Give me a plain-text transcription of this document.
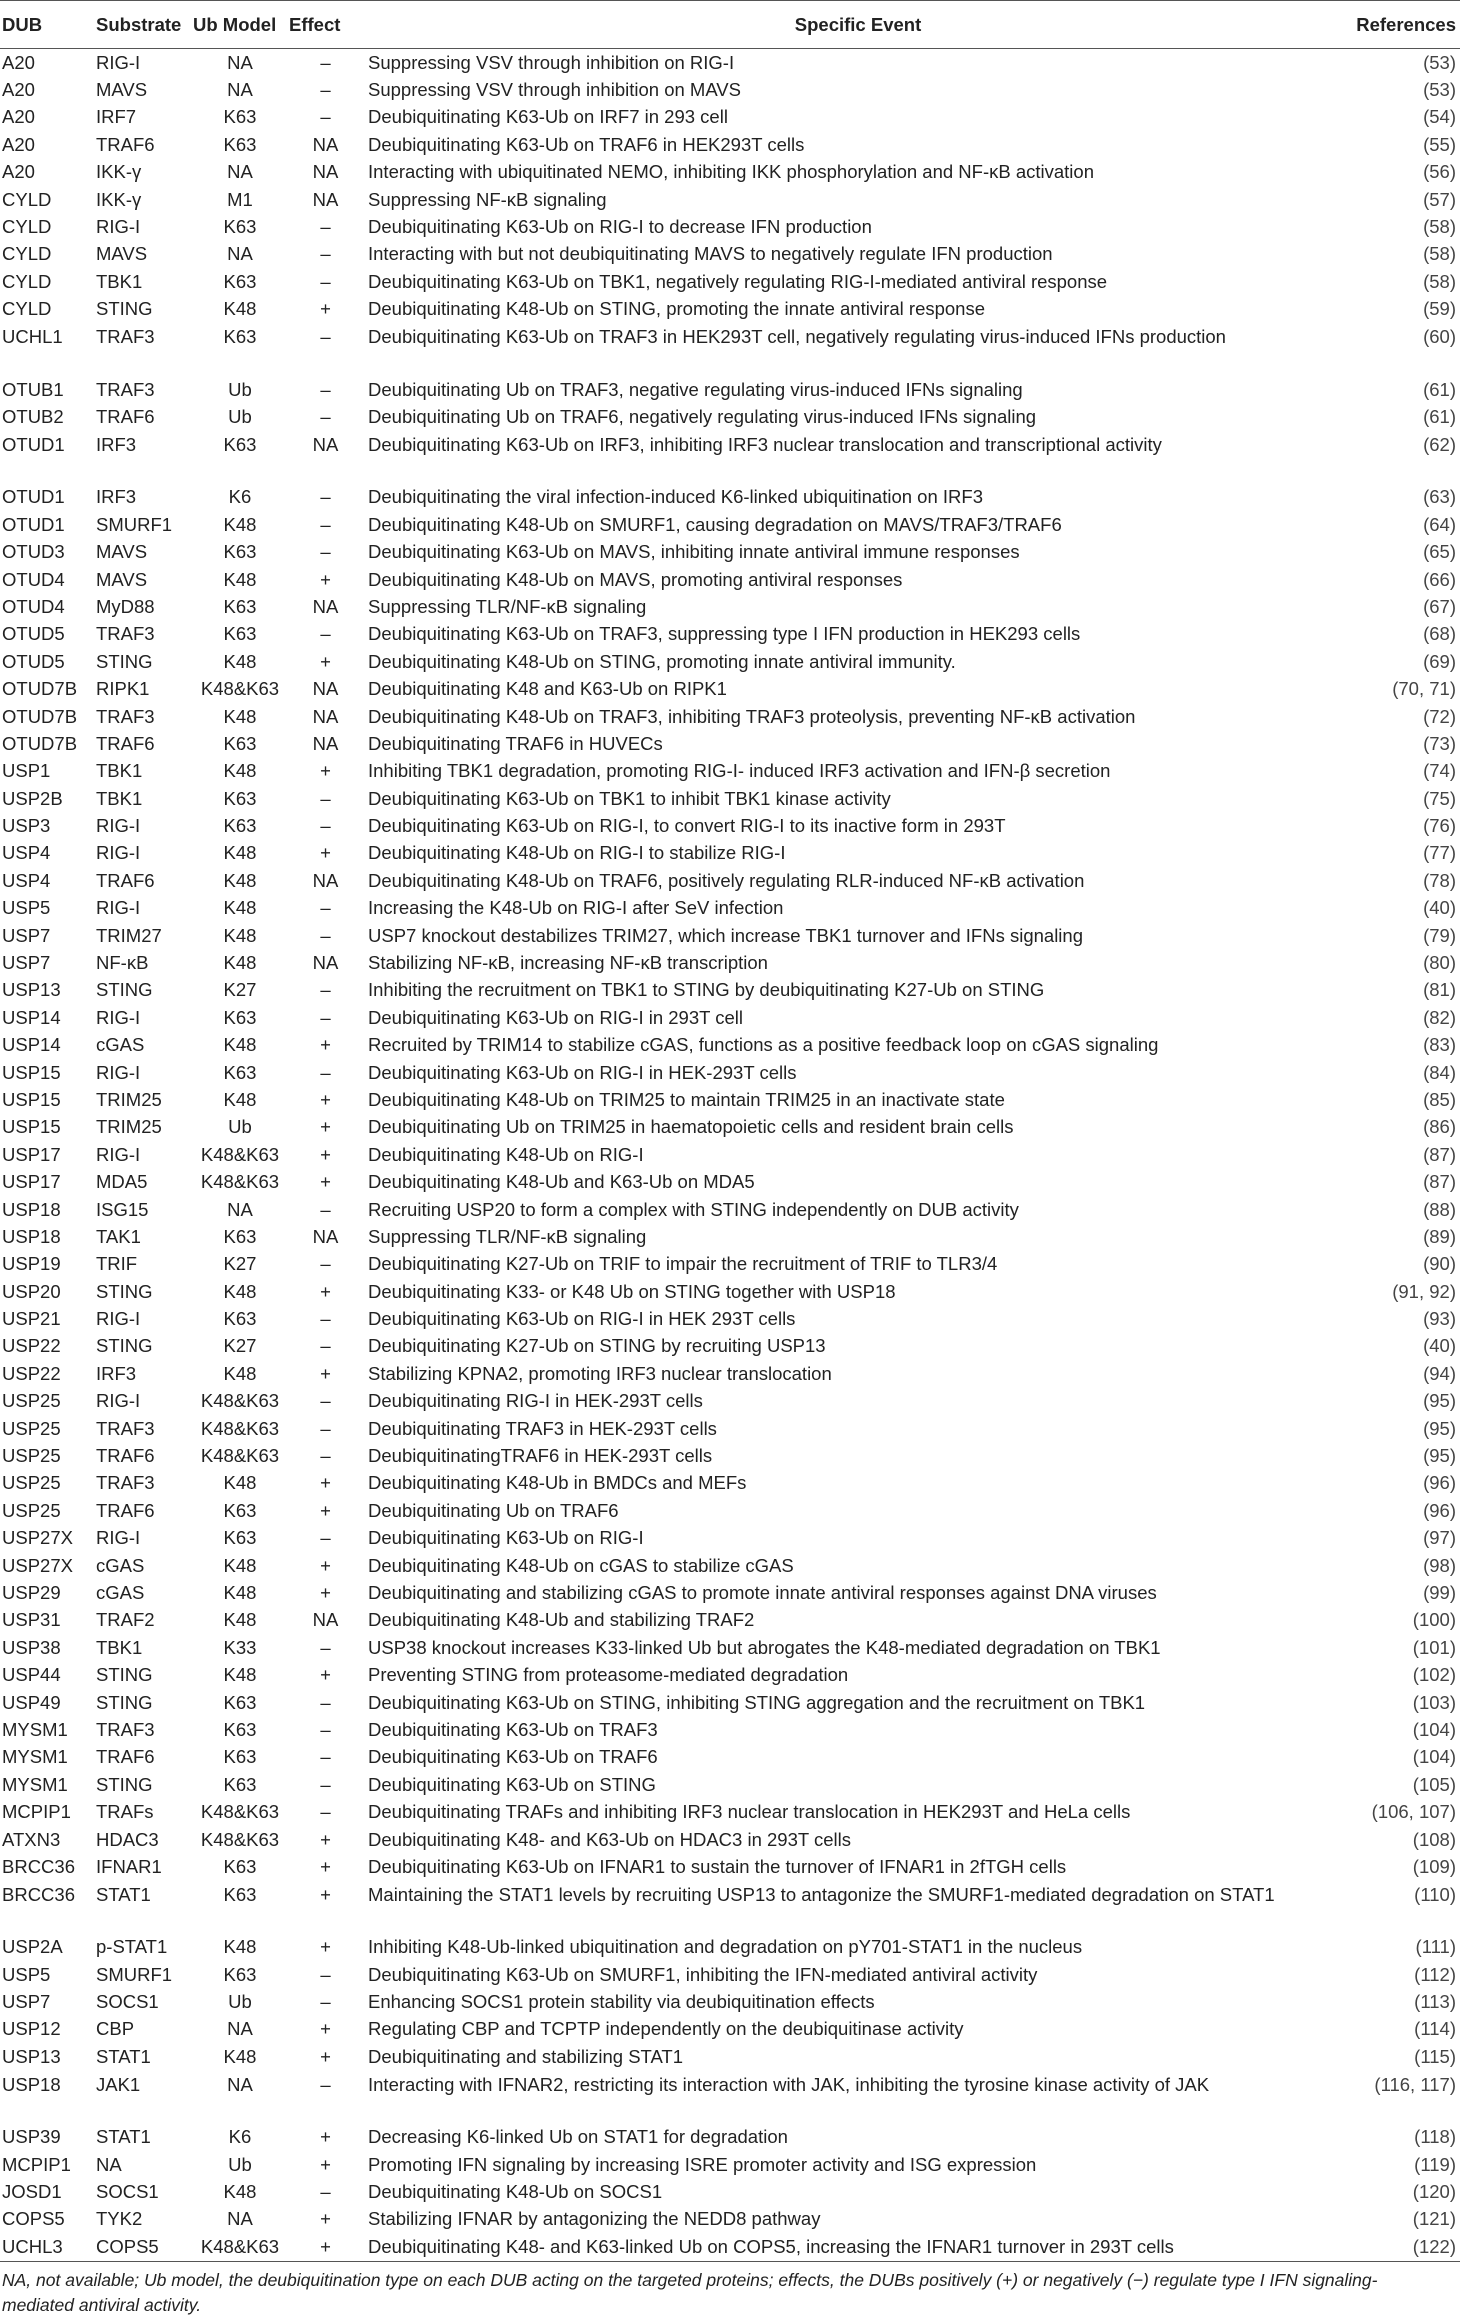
DUB	Substrate	Ub Model	Effect	Specific Event	References
A20	RIG-I	NA	–	Suppressing VSV through inhibition on RIG-I	(53)
A20	MAVS	NA	–	Suppressing VSV through inhibition on MAVS	(53)
A20	IRF7	K63	–	Deubiquitinating K63-Ub on IRF7 in 293 cell	(54)
A20	TRAF6	K63	NA	Deubiquitinating K63-Ub on TRAF6 in HEK293T cells	(55)
A20	IKK-γ	NA	NA	Interacting with ubiquitinated NEMO, inhibiting IKK phosphorylation and NF-κB activation	(56)
CYLD	IKK-γ	M1	NA	Suppressing NF-κB signaling	(57)
CYLD	RIG-I	K63	–	Deubiquitinating K63-Ub on RIG-I to decrease IFN production	(58)
CYLD	MAVS	NA	–	Interacting with but not deubiquitinating MAVS to negatively regulate IFN production	(58)
CYLD	TBK1	K63	–	Deubiquitinating K63-Ub on TBK1, negatively regulating RIG-I-mediated antiviral response	(58)
CYLD	STING	K48	+	Deubiquitinating K48-Ub on STING, promoting the innate antiviral response	(59)
UCHL1	TRAF3	K63	–	Deubiquitinating K63-Ub on TRAF3 in HEK293T cell, negatively regulating virus-induced IFNs production	(60)
OTUB1	TRAF3	Ub	–	Deubiquitinating Ub on TRAF3, negative regulating virus-induced IFNs signaling	(61)
OTUB2	TRAF6	Ub	–	Deubiquitinating Ub on TRAF6, negatively regulating virus-induced IFNs signaling	(61)
OTUD1	IRF3	K63	NA	Deubiquitinating K63-Ub on IRF3, inhibiting IRF3 nuclear translocation and transcriptional activity	(62)
OTUD1	IRF3	K6	–	Deubiquitinating the viral infection-induced K6-linked ubiquitination on IRF3	(63)
OTUD1	SMURF1	K48	–	Deubiquitinating K48-Ub on SMURF1, causing degradation on MAVS/TRAF3/TRAF6	(64)
OTUD3	MAVS	K63	–	Deubiquitinating K63-Ub on MAVS, inhibiting innate antiviral immune responses	(65)
OTUD4	MAVS	K48	+	Deubiquitinating K48-Ub on MAVS, promoting antiviral responses	(66)
OTUD4	MyD88	K63	NA	Suppressing TLR/NF-κB signaling	(67)
OTUD5	TRAF3	K63	–	Deubiquitinating K63-Ub on TRAF3, suppressing type I IFN production in HEK293 cells	(68)
OTUD5	STING	K48	+	Deubiquitinating K48-Ub on STING, promoting innate antiviral immunity.	(69)
OTUD7B	RIPK1	K48&K63	NA	Deubiquitinating K48 and K63-Ub on RIPK1	(70, 71)
OTUD7B	TRAF3	K48	NA	Deubiquitinating K48-Ub on TRAF3, inhibiting TRAF3 proteolysis, preventing NF-κB activation	(72)
OTUD7B	TRAF6	K63	NA	Deubiquitinating TRAF6 in HUVECs	(73)
USP1	TBK1	K48	+	Inhibiting TBK1 degradation, promoting RIG-I- induced IRF3 activation and IFN-β secretion	(74)
USP2B	TBK1	K63	–	Deubiquitinating K63-Ub on TBK1 to inhibit TBK1 kinase activity	(75)
USP3	RIG-I	K63	–	Deubiquitinating K63-Ub on RIG-I, to convert RIG-I to its inactive form in 293T	(76)
USP4	RIG-I	K48	+	Deubiquitinating K48-Ub on RIG-I to stabilize RIG-I	(77)
USP4	TRAF6	K48	NA	Deubiquitinating K48-Ub on TRAF6, positively regulating RLR-induced NF-κB activation	(78)
USP5	RIG-I	K48	–	Increasing the K48-Ub on RIG-I after SeV infection	(40)
USP7	TRIM27	K48	–	USP7 knockout destabilizes TRIM27, which increase TBK1 turnover and IFNs signaling	(79)
USP7	NF-κB	K48	NA	Stabilizing NF-κB, increasing NF-κB transcription	(80)
USP13	STING	K27	–	Inhibiting the recruitment on TBK1 to STING by deubiquitinating K27-Ub on STING	(81)
USP14	RIG-I	K63	–	Deubiquitinating K63-Ub on RIG-I in 293T cell	(82)
USP14	cGAS	K48	+	Recruited by TRIM14 to stabilize cGAS, functions as a positive feedback loop on cGAS signaling	(83)
USP15	RIG-I	K63	–	Deubiquitinating K63-Ub on RIG-I in HEK-293T cells	(84)
USP15	TRIM25	K48	+	Deubiquitinating K48-Ub on TRIM25 to maintain TRIM25 in an inactivate state	(85)
USP15	TRIM25	Ub	+	Deubiquitinating Ub on TRIM25 in haematopoietic cells and resident brain cells	(86)
USP17	RIG-I	K48&K63	+	Deubiquitinating K48-Ub on RIG-I	(87)
USP17	MDA5	K48&K63	+	Deubiquitinating K48-Ub and K63-Ub on MDA5	(87)
USP18	ISG15	NA	–	Recruiting USP20 to form a complex with STING independently on DUB activity	(88)
USP18	TAK1	K63	NA	Suppressing TLR/NF-κB signaling	(89)
USP19	TRIF	K27	–	Deubiquitinating K27-Ub on TRIF to impair the recruitment of TRIF to TLR3/4	(90)
USP20	STING	K48	+	Deubiquitinating K33- or K48 Ub on STING together with USP18	(91, 92)
USP21	RIG-I	K63	–	Deubiquitinating K63-Ub on RIG-I in HEK 293T cells	(93)
USP22	STING	K27	–	Deubiquitinating K27-Ub on STING by recruiting USP13	(40)
USP22	IRF3	K48	+	Stabilizing KPNA2, promoting IRF3 nuclear translocation	(94)
USP25	RIG-I	K48&K63	–	Deubiquitinating RIG-I in HEK-293T cells	(95)
USP25	TRAF3	K48&K63	–	Deubiquitinating TRAF3 in HEK-293T cells	(95)
USP25	TRAF6	K48&K63	–	DeubiquitinatingTRAF6 in HEK-293T cells	(95)
USP25	TRAF3	K48	+	Deubiquitinating K48-Ub in BMDCs and MEFs	(96)
USP25	TRAF6	K63	+	Deubiquitinating Ub on TRAF6	(96)
USP27X	RIG-I	K63	–	Deubiquitinating K63-Ub on RIG-I	(97)
USP27X	cGAS	K48	+	Deubiquitinating K48-Ub on cGAS to stabilize cGAS	(98)
USP29	cGAS	K48	+	Deubiquitinating and stabilizing cGAS to promote innate antiviral responses against DNA viruses	(99)
USP31	TRAF2	K48	NA	Deubiquitinating K48-Ub and stabilizing TRAF2	(100)
USP38	TBK1	K33	–	USP38 knockout increases K33-linked Ub but abrogates the K48-mediated degradation on TBK1	(101)
USP44	STING	K48	+	Preventing STING from proteasome-mediated degradation	(102)
USP49	STING	K63	–	Deubiquitinating K63-Ub on STING, inhibiting STING aggregation and the recruitment on TBK1	(103)
MYSM1	TRAF3	K63	–	Deubiquitinating K63-Ub on TRAF3	(104)
MYSM1	TRAF6	K63	–	Deubiquitinating K63-Ub on TRAF6	(104)
MYSM1	STING	K63	–	Deubiquitinating K63-Ub on STING	(105)
MCPIP1	TRAFs	K48&K63	–	Deubiquitinating TRAFs and inhibiting IRF3 nuclear translocation in HEK293T and HeLa cells	(106, 107)
ATXN3	HDAC3	K48&K63	+	Deubiquitinating K48- and K63-Ub on HDAC3 in 293T cells	(108)
BRCC36	IFNAR1	K63	+	Deubiquitinating K63-Ub on IFNAR1 to sustain the turnover of IFNAR1 in 2fTGH cells	(109)
BRCC36	STAT1	K63	+	Maintaining the STAT1 levels by recruiting USP13 to antagonize the SMURF1-mediated degradation on STAT1	(110)
USP2A	p-STAT1	K48	+	Inhibiting K48-Ub-linked ubiquitination and degradation on pY701-STAT1 in the nucleus	(111)
USP5	SMURF1	K63	–	Deubiquitinating K63-Ub on SMURF1, inhibiting the IFN-mediated antiviral activity	(112)
USP7	SOCS1	Ub	–	Enhancing SOCS1 protein stability via deubiquitination effects	(113)
USP12	CBP	NA	+	Regulating CBP and TCPTP independently on the deubiquitinase activity	(114)
USP13	STAT1	K48	+	Deubiquitinating and stabilizing STAT1	(115)
USP18	JAK1	NA	–	Interacting with IFNAR2, restricting its interaction with JAK, inhibiting the tyrosine kinase activity of JAK	(116, 117)
USP39	STAT1	K6	+	Decreasing K6-linked Ub on STAT1 for degradation	(118)
MCPIP1	NA	Ub	+	Promoting IFN signaling by increasing ISRE promoter activity and ISG expression	(119)
JOSD1	SOCS1	K48	–	Deubiquitinating K48-Ub on SOCS1	(120)
COPS5	TYK2	NA	+	Stabilizing IFNAR by antagonizing the NEDD8 pathway	(121)
UCHL3	COPS5	K48&K63	+	Deubiquitinating K48- and K63-linked Ub on COPS5, increasing the IFNAR1 turnover in 293T cells	(122)
NA, not available; Ub model, the deubiquitination type on each DUB acting on the targeted proteins; effects, the DUBs positively (+) or negatively (−) regulate type I IFN signaling-mediated antiviral activity.
